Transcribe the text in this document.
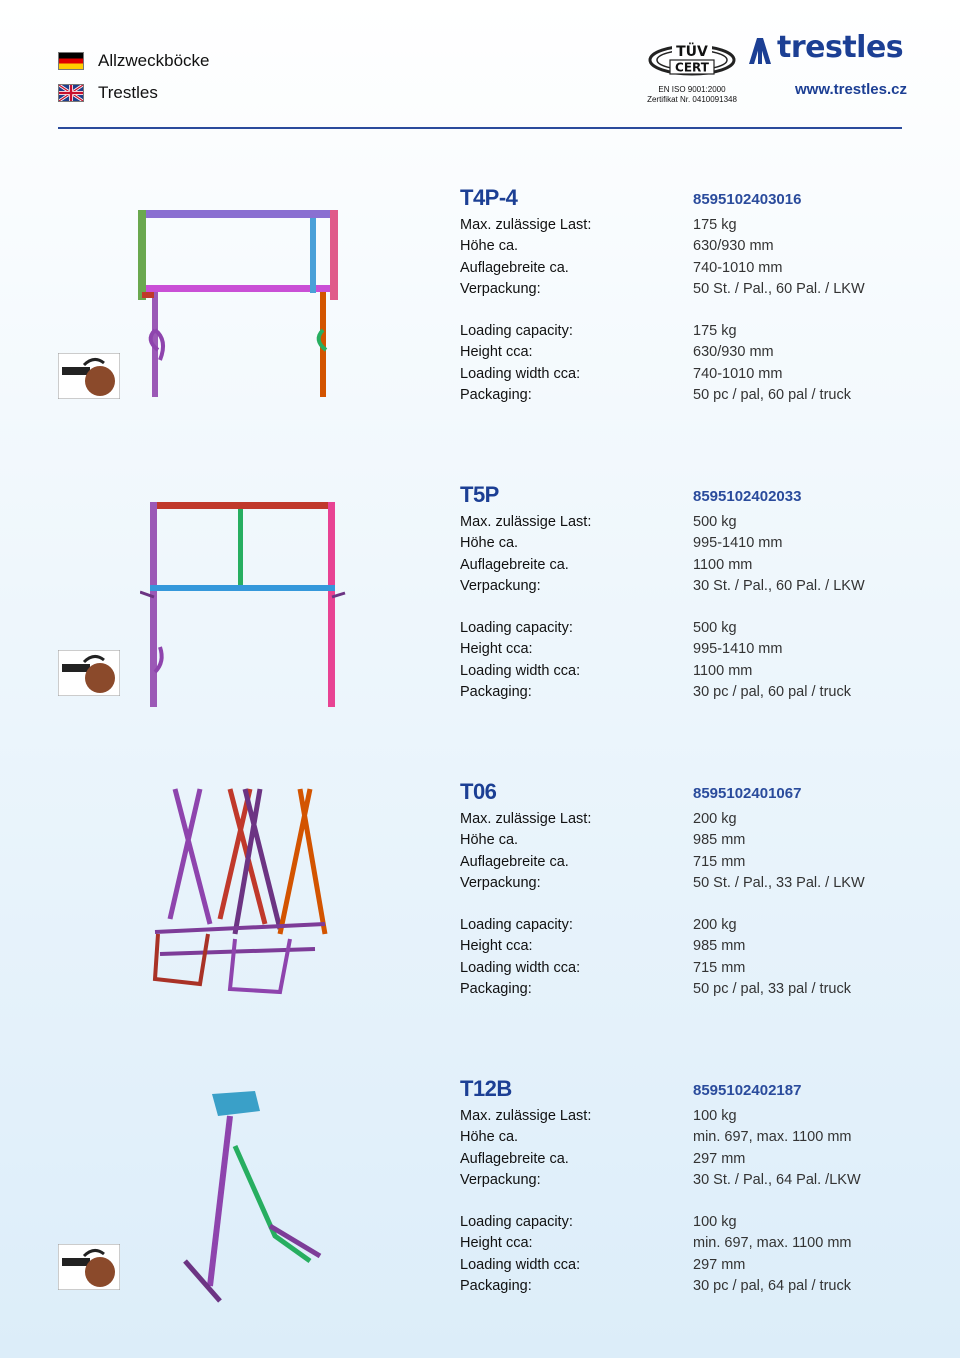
Allzweckböcke
Trestles
TÜV
CERT
EN ISO 9001:2000
Zertifikat Nr. 0410091348
trestles
www.trestles.cz
T4P-4	8595102403016
Max. zulässige Last:	175 kg
Höhe ca.	630/930 mm
Auflagebreite ca.	740-1010 mm
Verpackung:	50 St. / Pal., 60 Pal. / LKW
Loading capacity:	175 kg
Height cca:	630/930 mm
Loading width cca:	740-1010 mm
Packaging:	50 pc / pal, 60 pal / truck
T5P	8595102402033
Max. zulässige Last:	500 kg
Höhe ca.	995-1410 mm
Auflagebreite ca.	1100 mm
Verpackung:	30 St. / Pal., 60 Pal. / LKW
Loading capacity:	500 kg
Height cca:	995-1410 mm
Loading width cca:	1100 mm
Packaging:	30 pc / pal, 60 pal / truck
T06	8595102401067
Max. zulässige Last:	200 kg
Höhe ca.	985 mm
Auflagebreite ca.	715 mm
Verpackung:	50 St. / Pal., 33 Pal. / LKW
Loading capacity:	200 kg
Height cca:	985 mm
Loading width cca:	715 mm
Packaging:	50 pc / pal, 33 pal / truck
T12B	8595102402187
Max. zulässige Last:	100 kg
Höhe ca.	min. 697, max. 1100 mm
Auflagebreite ca.	297 mm
Verpackung:	30 St. / Pal., 64 Pal. /LKW
Loading capacity:	100 kg
Height cca:	min. 697, max. 1100 mm
Loading width cca:	297 mm
Packaging:	30 pc / pal, 64 pal / truck
